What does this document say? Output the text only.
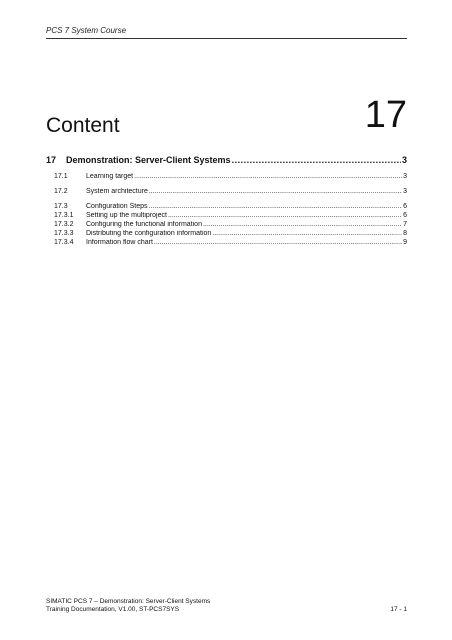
PCS 7 System Course
17
Content
17	Demonstration: Server-Client Systems .....	3
17.1	Learning target .....	3
17.2	System architecture .....	3
17.3	Configuration Steps .....	6
17.3.1	Setting up the multiproject .....	6
17.3.2	Configuring the functional information .....	7
17.3.3	Distributing the configuration information .....	8
17.3.4	Information flow chart .....	9
SIMATIC PCS 7 – Demonstration: Server-Client Systems
Training Documentation, V1.00, ST-PCS7SYS	17 - 1
